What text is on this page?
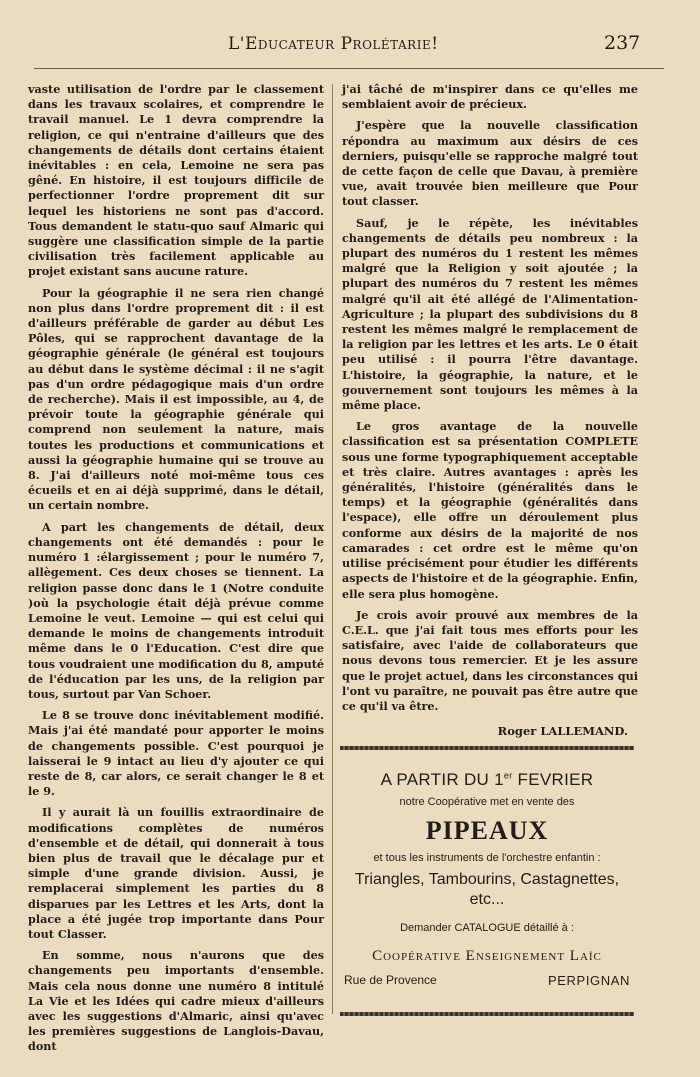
L'Educateur Prolétarie!	237

vaste utilisation de l'ordre par le classement dans les travaux scolaires, et comprendre le travail manuel. Le 1 devra comprendre la religion, ce qui n'entraine d'ailleurs que des changements de détails dont certains étaient inévitables : en cela, Lemoine ne sera pas gêné. En histoire, il est toujours difficile de perfectionner l'ordre proprement dit sur lequel les historiens ne sont pas d'accord. Tous demandent le statu-quo sauf Almaric qui suggère une classification simple de la partie civilisation très facilement applicable au projet existant sans aucune rature.

Pour la géographie il ne sera rien changé non plus dans l'ordre proprement dit : il est d'ailleurs préférable de garder au début Les Pôles, qui se rapprochent davantage de la géographie générale (le général est toujours au début dans le système décimal : il ne s'agit pas d'un ordre pédagogique mais d'un ordre de recherche). Mais il est impossible, au 4, de prévoir toute la géographie générale qui comprend non seulement la nature, mais toutes les productions et communications et aussi la géographie humaine qui se trouve au 8. J'ai d'ailleurs noté moi-même tous ces écueils et en ai déjà supprimé, dans le détail, un certain nombre.

A part les changements de détail, deux changements ont été demandés : pour le numéro 1 :élargissement ; pour le numéro 7, allègement. Ces deux choses se tiennent. La religion passe donc dans le 1 (Notre conduite )où la psychologie était déjà prévue comme Lemoine le veut. Lemoine — qui est celui qui demande le moins de changements introduit même dans le 0 l'Education. C'est dire que tous voudraient une modification du 8, amputé de l'éducation par les uns, de la religion par tous, surtout par Van Schoer.

Le 8 se trouve donc inévitablement modifié. Mais j'ai été mandaté pour apporter le moins de changements possible. C'est pourquoi je laisserai le 9 intact au lieu d'y ajouter ce qui reste de 8, car alors, ce serait changer le 8 et le 9.

Il y aurait là un fouillis extraordinaire de modifications complètes de numéros d'ensemble et de détail, qui donnerait à tous bien plus de travail que le décalage pur et simple d'une grande division. Aussi, je remplacerai simplement les parties du 8 disparues par les Lettres et les Arts, dont la place a été jugée trop importante dans Pour tout Classer.

En somme, nous n'aurons que des changements peu importants d'ensemble. Mais cela nous donne une numéro 8 intitulé La Vie et les Idées qui cadre mieux d'ailleurs avec les suggestions d'Almaric, ainsi qu'avec les premières suggestions de Langlois-Davau, dont

j'ai tâché de m'inspirer dans ce qu'elles me semblaient avoir de précieux.

J'espère que la nouvelle classification répondra au maximum aux désirs de ces derniers, puisqu'elle se rapproche malgré tout de cette façon de celle que Davau, à première vue, avait trouvée bien meilleure que Pour tout classer.

Sauf, je le répète, les inévitables changements de détails peu nombreux : la plupart des numéros du 1 restent les mêmes malgré que la Religion y soit ajoutée ; la plupart des numéros du 7 restent les mêmes malgré qu'il ait été allégé de l'Alimentation-Agriculture ; la plupart des subdivisions du 8 restent les mêmes malgré le remplacement de la religion par les lettres et les arts. Le 0 était peu utilisé : il pourra l'être davantage. L'histoire, la géographie, la nature, et le gouvernement sont toujours les mêmes à la même place.

Le gros avantage de la nouvelle classification est sa présentation COMPLETE sous une forme typographiquement acceptable et très claire. Autres avantages : après les généralités, l'histoire (généralités dans le temps) et la géographie (généralités dans l'espace), elle offre un déroulement plus conforme aux désirs de la majorité de nos camarades : cet ordre est le même qu'on utilise précisément pour étudier les différents aspects de l'histoire et de la géographie. Enfin, elle sera plus homogène.

Je crois avoir prouvé aux membres de la C.E.L. que j'ai fait tous mes efforts pour les satisfaire, avec l'aide de collaborateurs que nous devons tous remercier. Et je les assure que le projet actuel, dans les circonstances qui l'ont vu paraître, ne pouvait pas être autre que ce qu'il va être.

Roger LALLEMAND.
A PARTIR DU 1er FEVRIER
notre Coopérative met en vente des
PIPEAUX
et tous les instruments de l'orchestre enfantin :
Triangles, Tambourins, Castagnettes, etc...
Demander CATALOGUE détaillé à :
Coopérative Enseignement Laïc
Rue de Provence	PERPIGNAN
